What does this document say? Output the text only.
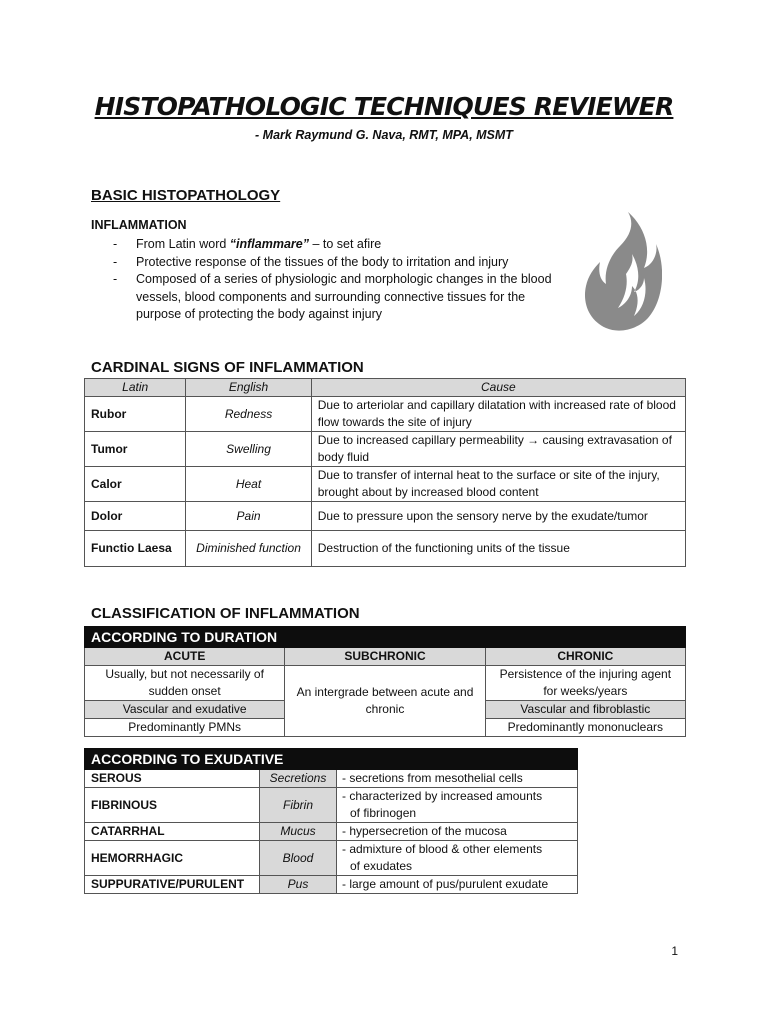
HISTOPATHOLOGIC TECHNIQUES REVIEWER
- Mark Raymund G. Nava, RMT, MPA, MSMT
BASIC HISTOPATHOLOGY
INFLAMMATION
- From Latin word “inflammare” – to set afire
- Protective response of the tissues of the body to irritation and injury
- Composed of a series of physiologic and morphologic changes in the blood vessels, blood components and surrounding connective tissues for the purpose of protecting the body against injury
CARDINAL SIGNS OF INFLAMMATION
Latin	English	Cause
Rubor	Redness	Due to arteriolar and capillary dilatation with increased rate of blood flow towards the site of injury
Tumor	Swelling	Due to increased capillary permeability → causing extravasation of body fluid
Calor	Heat	Due to transfer of internal heat to the surface or site of the injury, brought about by increased blood content
Dolor	Pain	Due to pressure upon the sensory nerve by the exudate/tumor
Functio Laesa	Diminished function	Destruction of the functioning units of the tissue
CLASSIFICATION OF INFLAMMATION
ACCORDING TO DURATION		
ACUTE	SUBCHRONIC	CHRONIC
Usually, but not necessarily of sudden onset	An intergrade between acute and chronic	Persistence of the injuring agent for weeks/years
Vascular and exudative		Vascular and fibroblastic
Predominantly PMNs		Predominantly mononuclears
ACCORDING TO EXUDATIVE		
SEROUS	Secretions	- secretions from mesothelial cells

FIBRINOUS	Fibrin	- characterized by increased amounts
of fibrinogen

CATARRHAL	Mucus	- hypersecretion of the mucosa

HEMORRHAGIC	Blood	- admixture of blood & other elements
of exudates

SUPPURATIVE/PURULENT	Pus	- large amount of pus/purulent exudate
1
